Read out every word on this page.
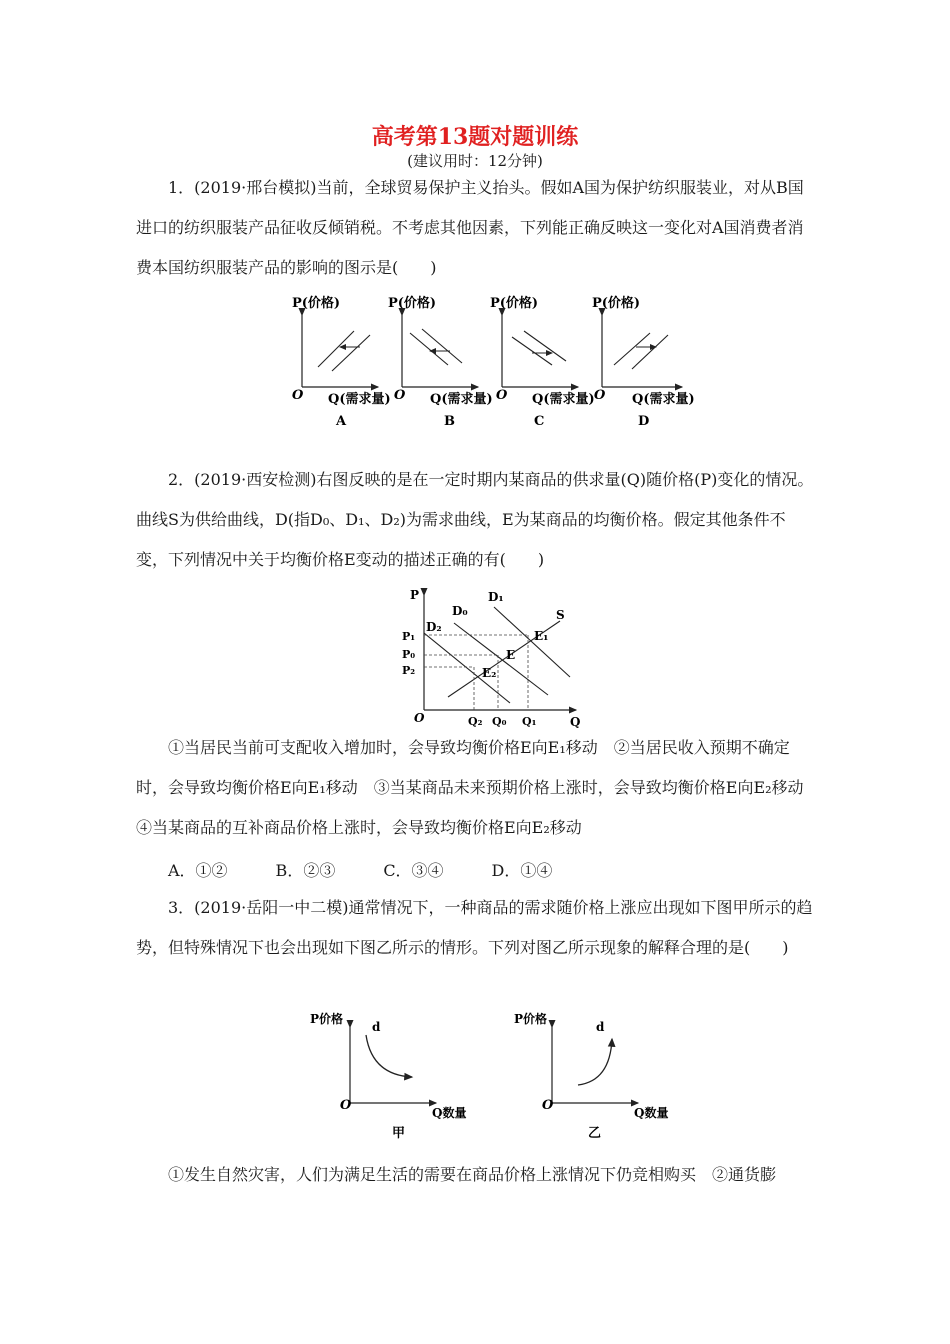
高考第13题对题训练
(建议用时：12分钟)

1．(2019·邢台模拟)当前，全球贸易保护主义抬头。假如A国为保护纺织服装业，对从B国进口的纺织服装产品征收反倾销税。不考虑其他因素，下列能正确反映这一变化对A国消费者消费本国纺织服装产品的影响的图示是(　　)

P(价格)
O Q(需求量)
A
P(价格)
O Q(需求量)
B
P(价格)
O Q(需求量)
C
P(价格)
O Q(需求量)
D

2．(2019·西安检测)右图反映的是在一定时期内某商品的供求量(Q)随价格(P)变化的情况。曲线S为供给曲线，D(指D₀、D₁、D₂)为需求曲线，E为某商品的均衡价格。假定其他条件不变，下列情况中关于均衡价格E变动的描述正确的有(　　)

P
Q
O
S
D₂
D₀
D₁
P₁
P₀
P₂
Q₂ Q₀ Q₁
E
E₁
E₂

①当居民当前可支配收入增加时，会导致均衡价格E向E₁移动　②当居民收入预期不确定时，会导致均衡价格E向E₁移动　③当某商品未来预期价格上涨时，会导致均衡价格E向E₂移动　④当某商品的互补商品价格上涨时，会导致均衡价格E向E₂移动

A．①②　　　B．②③　　　C．③④　　　D．①④

3．(2019·岳阳一中二模)通常情况下，一种商品的需求随价格上涨应出现如下图甲所示的趋势，但特殊情况下也会出现如下图乙所示的情形。下列对图乙所示现象的解释合理的是(　　)

P价格
d
O	Q数量
甲
P价格
d
O	Q数量
乙

①发生自然灾害，人们为满足生活的需要在商品价格上涨情况下仍竞相购买　②通货膨
